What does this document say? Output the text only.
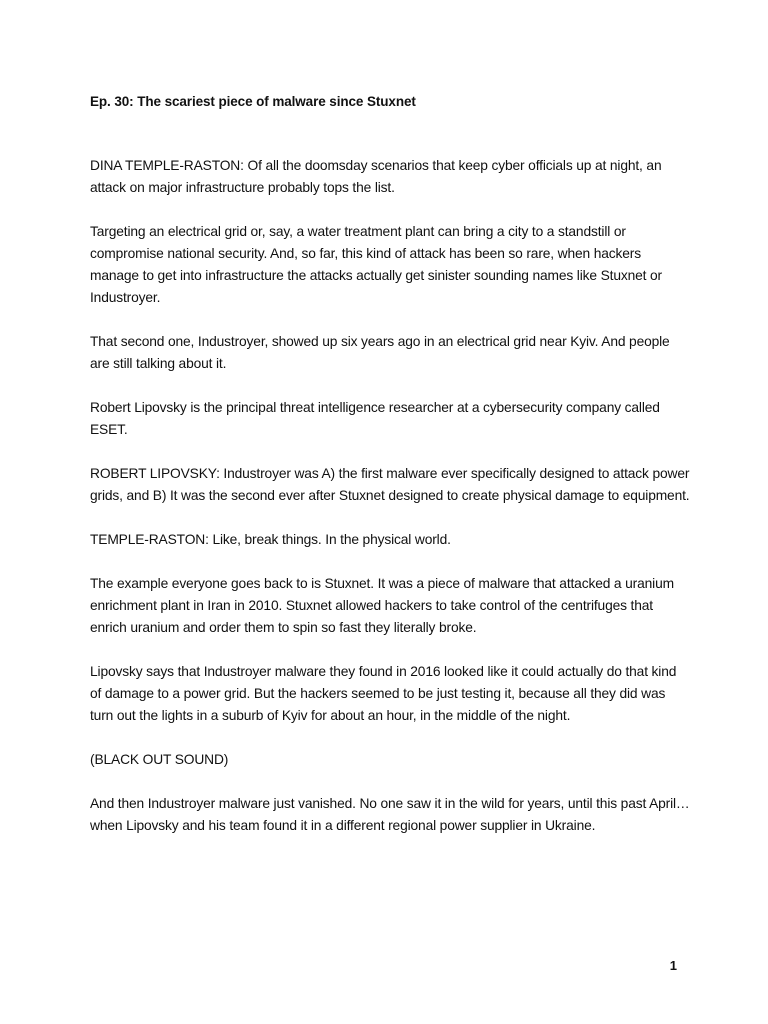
Ep. 30: The scariest piece of malware since Stuxnet

DINA TEMPLE-RASTON: Of all the doomsday scenarios that keep cyber officials up at night, an attack on major infrastructure probably tops the list.

Targeting an electrical grid or, say, a water treatment plant can bring a city to a standstill or compromise national security. And, so far, this kind of attack has been so rare, when hackers manage to get into infrastructure the attacks actually get sinister sounding names like Stuxnet or Industroyer.

That second one, Industroyer, showed up six years ago in an electrical grid near Kyiv. And people are still talking about it.

Robert Lipovsky is the principal threat intelligence researcher at a cybersecurity company called ESET.

ROBERT LIPOVSKY: Industroyer was A) the first malware ever specifically designed to attack power grids, and B) It was the second ever after Stuxnet designed to create physical damage to equipment.

TEMPLE-RASTON: Like, break things. In the physical world.

The example everyone goes back to is Stuxnet. It was a piece of malware that attacked a uranium enrichment plant in Iran in 2010. Stuxnet allowed hackers to take control of the centrifuges that enrich uranium and order them to spin so fast they literally broke.

Lipovsky says that Industroyer malware they found in 2016 looked like it could actually do that kind of damage to a power grid. But the hackers seemed to be just testing it, because all they did was turn out the lights in a suburb of Kyiv for about an hour, in the middle of the night.

(BLACK OUT SOUND)

And then Industroyer malware just vanished. No one saw it in the wild for years, until this past April…when Lipovsky and his team found it in a different regional power supplier in Ukraine.

1
